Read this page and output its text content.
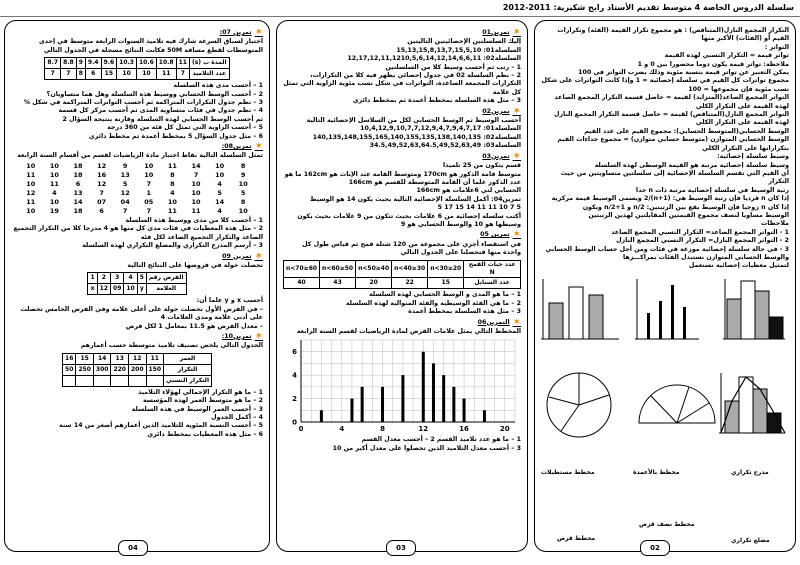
سلسلة الدروس الخاصة 4 متوسط تقديم الأستاذ رابح شكيرية: 2011-2012
✶
تمرين 07:

اختبار لسباق السرعة شارك فيه تلاميذ السنوات الرابعة متوسط في إحدى المتوسطات لقطع مسافة 50M فكانت النتائج مسجلة في الجدول التالي

المدة ب (s)	11	10.8	10.6	10.3	9.6	9.4	9	8.8	8.7
عدد التلاميذ	7	11	10	10	15	6	8	7	7

1 – أحسب مدى هذه السلسلة

2 – أحسب الوسط الحسابي ووسيط هذه السلسلة وهل هما متساويان؟

3 – نظم جدول التكرارات المتراكمة ثم أحسب التواترات المتراكمة في شكل %

4 – نظم جدول في فئات متساوية المدى ثم أحسب مركز كل قسمة

ثم أحسب الوسط الحسابي لهذه السلسلة وقارنه بنتيجة السؤال 2

5 – أحسب الزاوية التي تمثل كل فئة من 360 درجة

6 – مثل جدول السؤال 5 بمخطط أعمدة ثم مخطط دائري

✶
تمرين08:

تمثل السلسلة التالية نقاط اختبار مادة الرياضيات لقسم من أقسام السنة الرابعة

10	10	18	12	9	10	11	14	10	8
11	10	18	16	13	10	8	7	10	9
10	11	6	12	5	7	8	10	4	10
12	4	13	7	12	1	4	10	5	5
11	10	14	07	04	05	10	10	14	8
10	19	18	6	7	7	11	11	4	10

1 – أحسب كلا من مدى ووسيط هذه السلسلة

2 – مثل هذه المعطيات في فئات مدى كل منها هو 4 مدرجا كلا من التكرار التجميع الصاعد والتكرار التجميع الصاعد لكل فئة

3 – أرسم المدرج التكراري والمضلع التكراري لهذه السلسلة

✶
تمرين 09

تحصلت خولة في فروضها على النتائج التالية

الفرض رقم	5	4	3	2	1
العلامة	y	10	09	12	x

أحسب x و y علما أن:

– في الفرض الأول تحصلت خولة على أعلى علامة وفي الفرض الخامس تحصلت على أدنى علامة ومدى العلامات 4

– معدل الفرض هو 11.5 بمعامل 1 لكل فرض

✶
تمرين10:

الجدول التالي يلخص تصنيف تلاميذ متوسطة حسب أعمارهم

العمر	11	12	13	14	15	16
التكرار	150	200	220	300	250	50
التكرار النسبي						

1 – ما هو التكرار الإجمالي لهؤلاء التلاميذ

2 – ما هو متوسط العمر لهذه المؤسسة

3 – أحسب العمر الوسيط في هذه السلسلة

4 – أكمل الجدول

5 – أحسب النسبة المئوية للتلاميذ الذين أعمارهم أصغر من 14 سنة

6 – مثل هذه المعطيات بمخطط دائري

04
✶
تمرين01

إليك السلسلتين الإحصائيتين التاليتين

السلسلة01: 15,13,15,8,13,7,15,5,10

السلسلة02: 12,17,12,11,1210,5,6,14,12,14,6,6,11

1 – رتب ثم أحسب وسيط كلا من السلسلتين

2 – نظم السلسلة 02 في جدول إحصائي يظهر فيه كلا من التكرارات، التكرارات المجمعة الصاعدة، التواترات في شكل نسب مئوية الزاوية التي تمثل كل علامة

3 – مثل هذه السلسلة بمخطط أعمدة ثم بمخطط دائري

✶
تمرين02

أحسب الوسيط ثم الوسط الحسابي لكل من السلاسل الإحصائية التالية

السلسلة01: 10,4,12,9,10,7,7,12,9,4,7,9,4,7,17

السلسلة02: 140,135,148,155,165,140,155,135,138,140,135

السلسلة03: 34.5,49,52,63,64.5,49,52,63,49

✶
تمرين03

قسم يتكون من 25 تلميذا

متوسط قامة الذكور هو 170cm ومتوسط القامة عند الإناث هو 162cm ما هو عدد الذكور علما أن القامة المتوسطة للقسم هو 166cm

الحسابي لتي 6علامات هو 166cm

تمرين04: أكمل السلسلة الإحصائية التالية بحيث يكون 14 هو الوسيط

5 7 10 11 11 14 15 17 5

أكتب سلسلة إحصائية من 6 علامات بحيث تتكون من 9 علامات بحيث يكون وسيطها هو 10 والوسط الحسابي هو 9

✶
تمرين 05

في استقصاء أجري على مجموعة من 120 شتلة قمح ثم قياس طول كل واحدة منها فتحصلنا على الجدول التالي

عدد حبات القمح N	20≤n<30	30≤n<40	40≤n<50	50≤n<60	60≤n<70
عدد السنابل	15	22	20	43	40

1 – ما هو المدى و الوسط الحسابي لهذه السلسلة

2 – ما هي الفئة الوسيطية والفئة المنوالية لهذه السلسلة

3 – مثل هذه السلسلة بمخطط أعمدة

✶
التمرين06

المخطط التالي يمثل علامات الفرض لمادة الرياضيات لقسم السنة الرابعة

0	4	8	12	16	20
0
2
4
6

1 – ما هو عدد تلاميذ القسم 2 – أحسب معدل القسم

3 – أحسب معدل التلاميذ الذين تحصلوا على معدل أكبر من 10

03

التكرار المجمع النازل(المتناقص) : هو مجموع تكرار القيمة (الفئة) وتكرارات القيم أو (الفئات) الأكبر منها

التواتر :

تواتر قيمة = التكرار النسبي لهذه القيمة

ملاحظة: تواتر قيمة يكون دوما محصورا بين 0 و 1

يمكن التعبير عن تواتر قيمة بنسبة مئوية وذلك بضرب التواتر في 100

مجموع تواترات كل القيم في سلسلة إحصائية = 1 وإذا كانت التواترات على شكل نسب مئوية فإن مجموعها = 100

التواتر المجمع الصاعد(المتزايد) لقيمة = حاصل قسمة التكرار المجمع الصاعد لهذه القيمة على التكرار الكلي

التواتر المجمع النازل(المتناقص) لقيمة = حاصل قسمة التكرار المجمع النازل لهذه القيمة على التكرار الكلي

الوسط الحسابي(المتوسط الحسابي): مجموع القيم على عدد القيم

الوسط الحسابي المتوازن (متوسط حسابي متوازن) = مجموع جداءات القيم بتكراراتها على التكرار الكلي

وسيط سلسلة إحصائية:

وسيط سلسلة إحصائية مرتبة هو القيمة الوسطى لهذه السلسلة

أي القيم التي تقسم السلسلة الإحصائية إلى سلسلتين متساويتين من حيث التكرار

رتبة الوسيط في سلسلة إحصائية مرتبة ذات n حدا

إذا كان n فرديا فإن رتبة الوسيط هي: (n+1)/2 ويسمى الوسيط قيمة مركزية

إذا كان n زوجيا فإن الوسيط يقع بين الرتبتين: n/2 و n/2+1 ويكون

الوسيط مساويا لنصف مجموع القيمتين المقابلتين لهذين الرتبتين

ملاحظات

1 - التواتر المجمع الصاعد= التكرار النسبي المجمع الصاعد

2 - التواتر المجمع النازل= التكرار النسبي المجمع النازل

3 - في حالة سلسلة إحصائية موزعة في فئات ومن أجل حساب الوسط الحسابي والوسط الحسابي المتوازن نستبدل الفئات بمراكـــزها

لتمثيل معطيات إحصائية نستعمل

مدرج تكراري
مخطط بالأعمدة
مخطط مستطيلات
مضلع تكراري
مخطط نصف قرص
مخطط قرص
02
